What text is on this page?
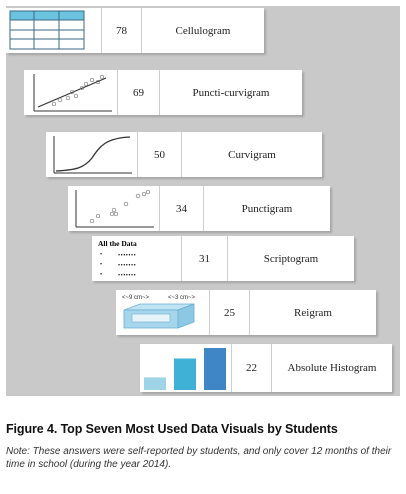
78	Cellulogram
69	Puncti-curvigram
50	Curvigram
34	Punctigram
All the Data
•	•••••••
•	•••••••
•	•••••••
31	Scriptogram
<~9 cm~>	<~3 cm~>
25	Reigram
22	Absolute Histogram
Figure 4. Top Seven Most Used Data Visuals by Students
Note: These answers were self-reported by students, and only cover 12 months of their time in school (during the year 2014).
